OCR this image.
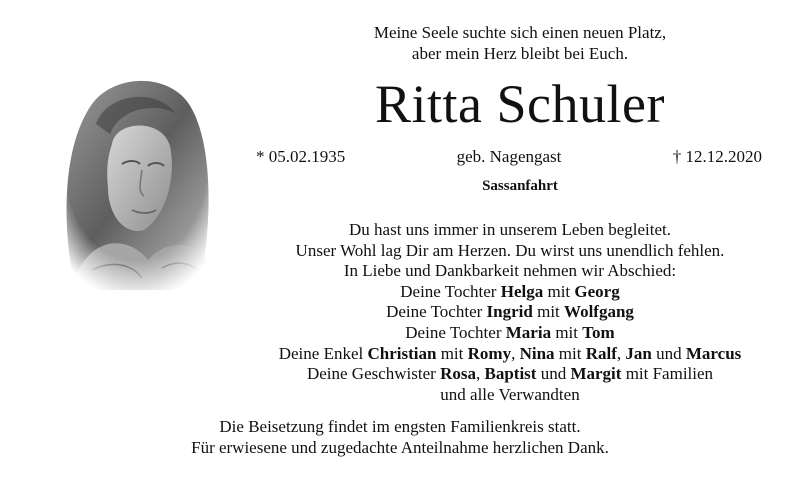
Meine Seele suchte sich einen neuen Platz,
aber mein Herz bleibt bei Euch.
Ritta Schuler
* 05.02.1935	geb. Nagengast	† 12.12.2020
Sassanfahrt
Du hast uns immer in unserem Leben begleitet.
Unser Wohl lag Dir am Herzen. Du wirst uns unendlich fehlen.
In Liebe und Dankbarkeit nehmen wir Abschied:
Deine Tochter Helga mit Georg
Deine Tochter Ingrid mit Wolfgang
Deine Tochter Maria mit Tom
Deine Enkel Christian mit Romy, Nina mit Ralf, Jan und Marcus
Deine Geschwister Rosa, Baptist und Margit mit Familien
und alle Verwandten
Die Beisetzung findet im engsten Familienkreis statt.
Für erwiesene und zugedachte Anteilnahme herzlichen Dank.
